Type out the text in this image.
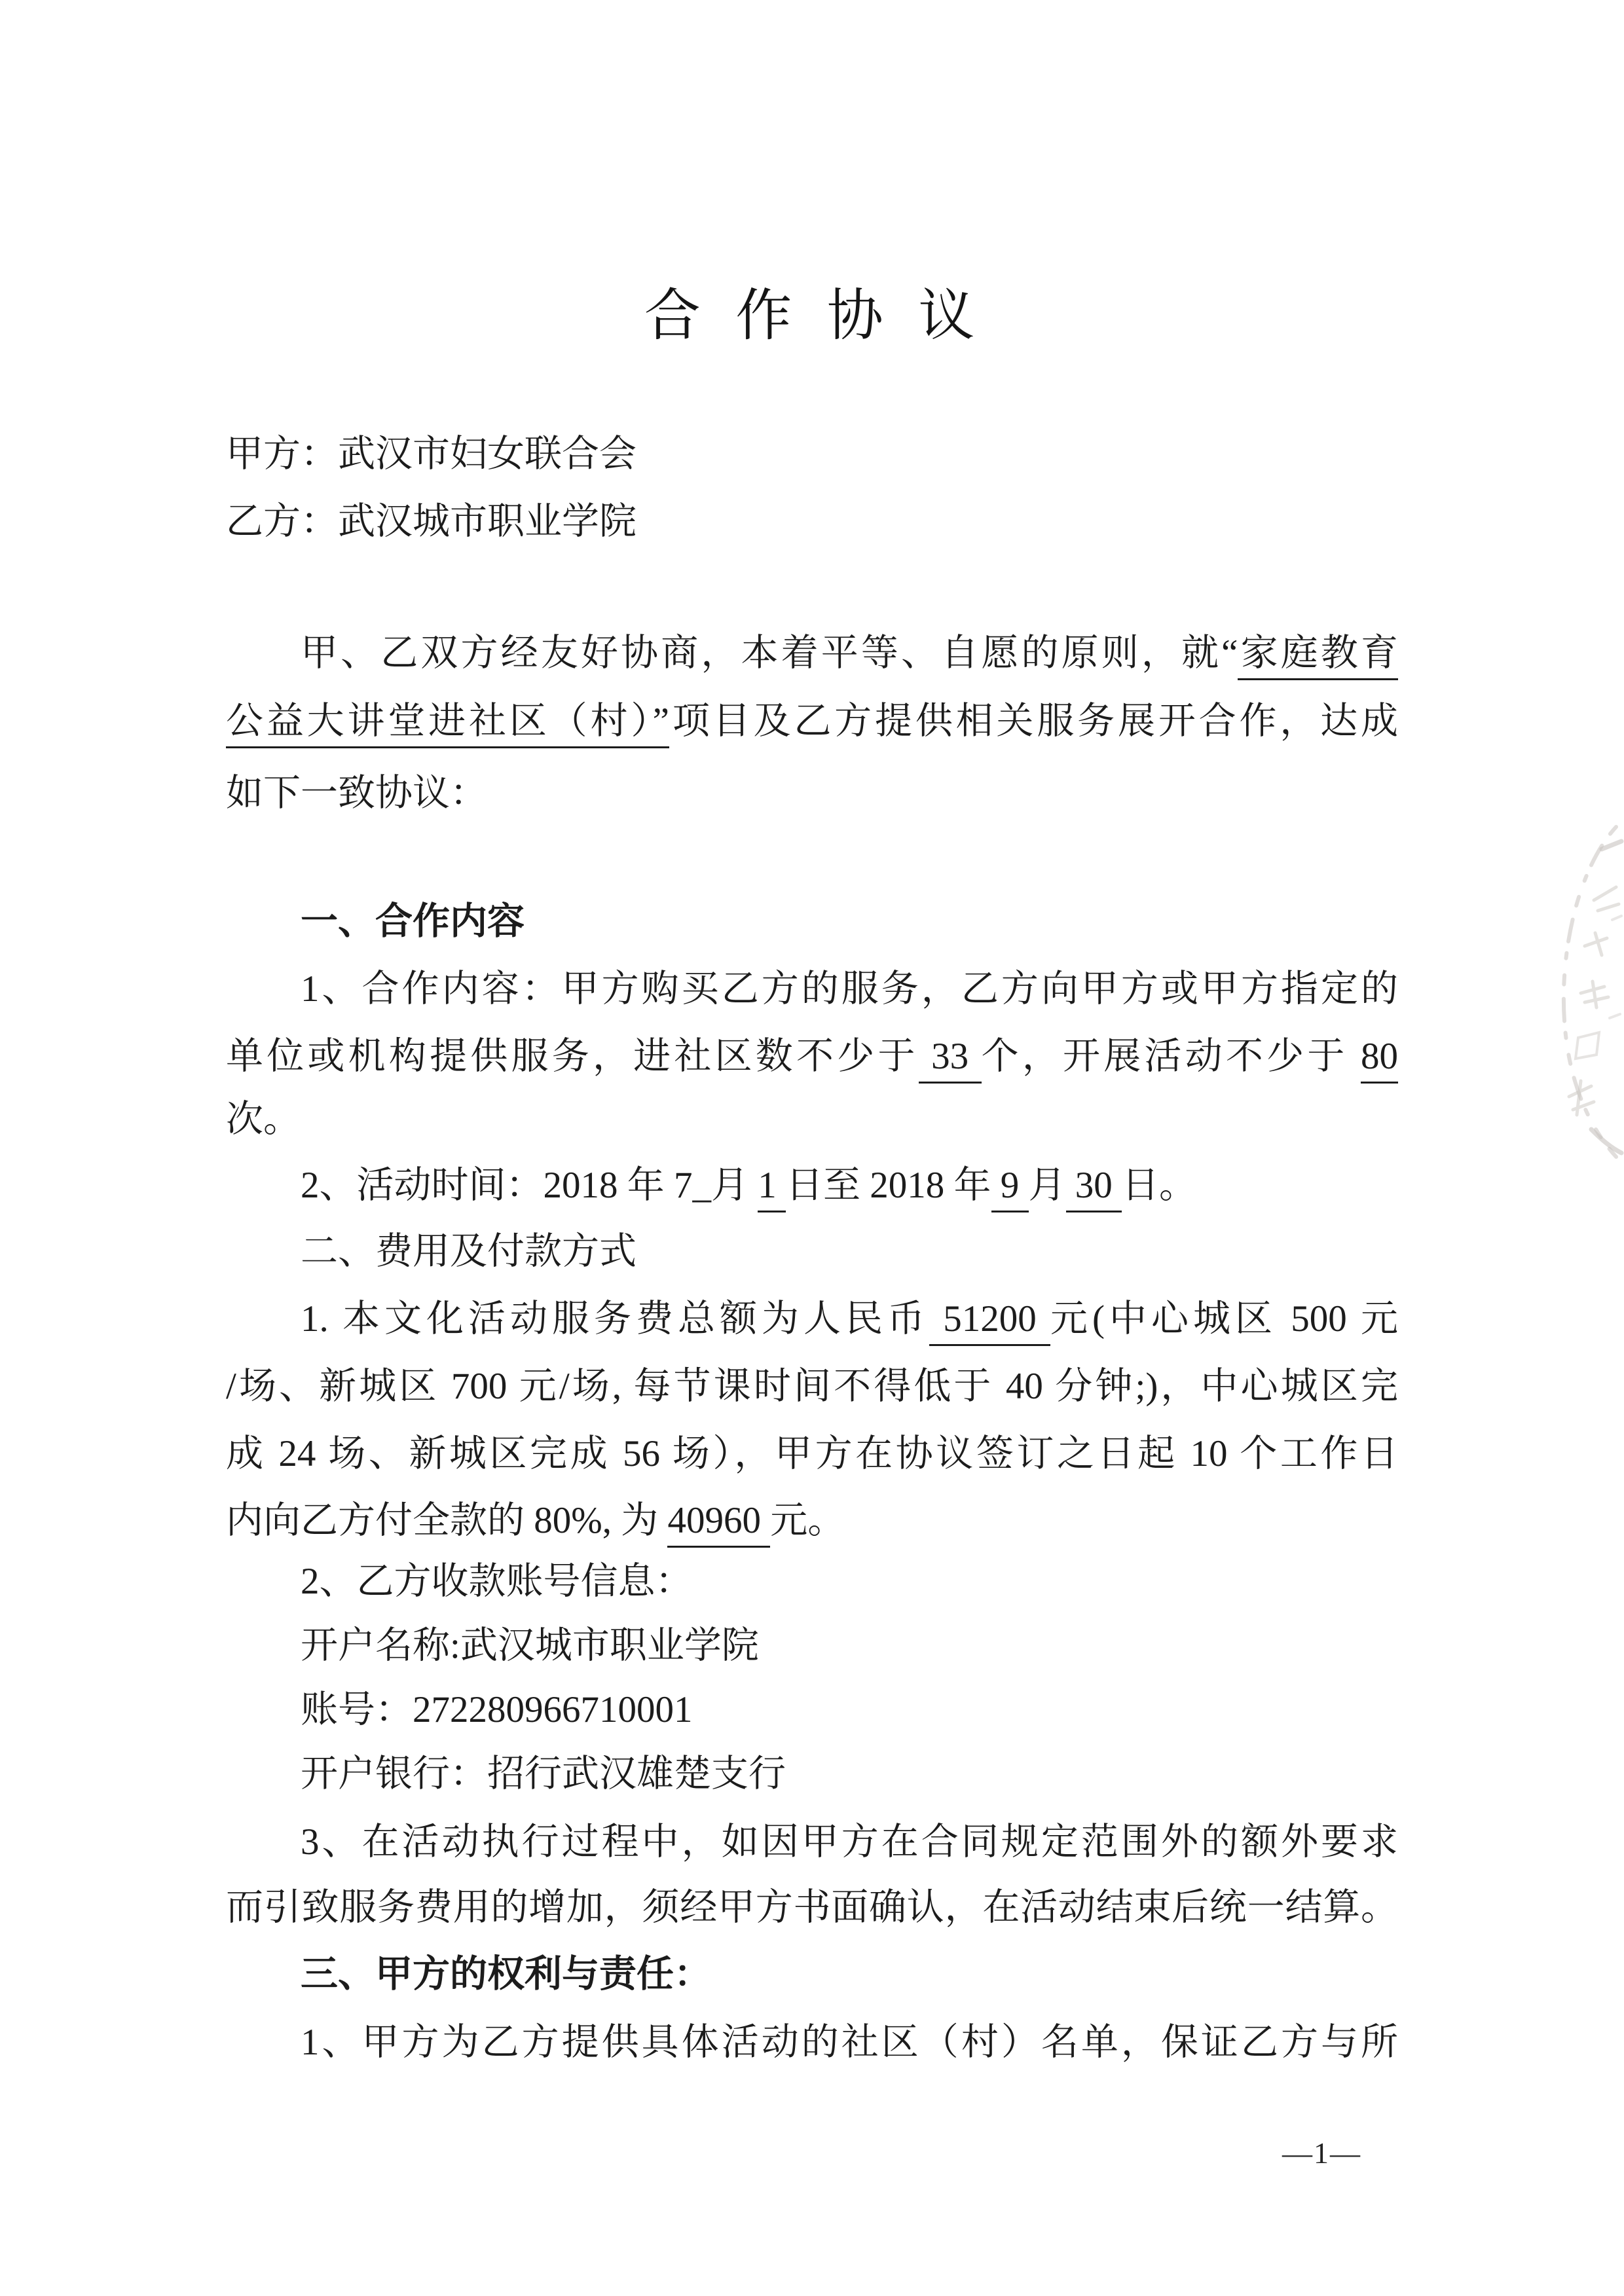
合 作 协 议
甲方：武汉市妇女联合会
乙方：武汉城市职业学院
甲、乙双方经友好协商，本着平等、自愿的原则，就“家庭教育
公益大讲堂进社区（村）”项目及乙方提供相关服务展开合作，达成
如下一致协议：
一、合作内容
1、合作内容：甲方购买乙方的服务，乙方向甲方或甲方指定的
单位或机构提供服务，进社区数不少于 33 个，开展活动不少于 80
次。
2、活动时间：2018 年 7_月 1 日至 2018 年 9 月 30 日。
二、费用及付款方式
1. 本文化活动服务费总额为人民币 51200 元(中心城区 500 元
/场、新城区 700 元/场, 每节课时间不得低于 40 分钟;)，中心城区完
成 24 场、新城区完成 56 场），甲方在协议签订之日起 10 个工作日
内向乙方付全款的 80%, 为 40960 元。
2、乙方收款账号信息：
开户名称:武汉城市职业学院
账号：272280966710001
开户银行：招行武汉雄楚支行
3、在活动执行过程中，如因甲方在合同规定范围外的额外要求
而引致服务费用的增加，须经甲方书面确认，在活动结束后统一结算。
三、甲方的权利与责任：
1、甲方为乙方提供具体活动的社区（村）名单，保证乙方与所
—1—
